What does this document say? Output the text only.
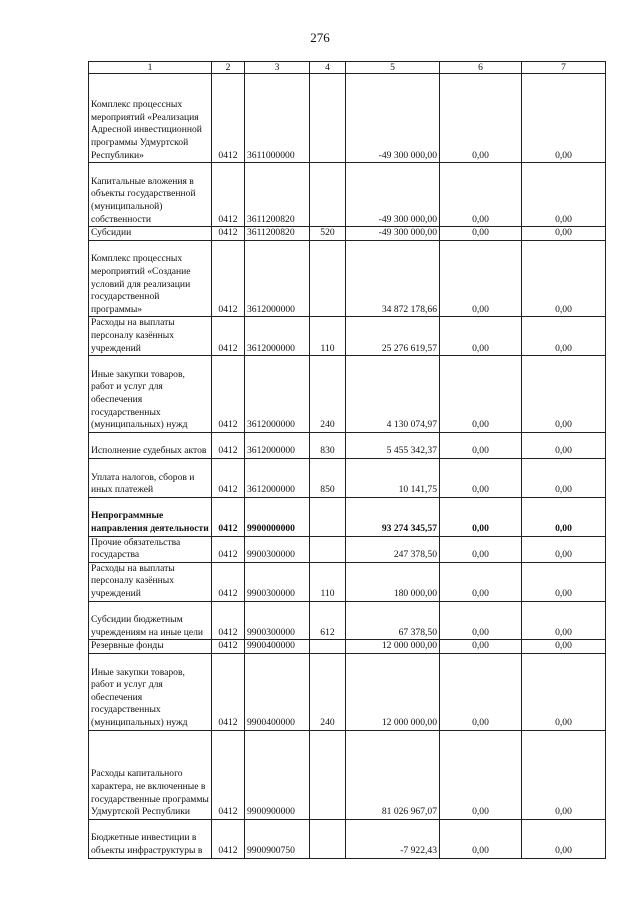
276
1	2	3	4	5	6	7
Комплекс процессных мероприятий «Реализация Адресной инвестиционной программы Удмуртской Республики»	0412	3611000000		-49 300 000,00	0,00	0,00
Капитальные вложения в объекты государственной (муниципальной) собственности	0412	3611200820		-49 300 000,00	0,00	0,00
Субсидии	0412	3611200820	520	-49 300 000,00	0,00	0,00
Комплекс процессных мероприятий «Создание условий для реализации государственной программы»	0412	3612000000		34 872 178,66	0,00	0,00
Расходы на выплаты персоналу казённых учреждений	0412	3612000000	110	25 276 619,57	0,00	0,00
Иные закупки товаров, работ и услуг для обеспечения государственных (муниципальных) нужд	0412	3612000000	240	4 130 074,97	0,00	0,00
Исполнение судебных актов	0412	3612000000	830	5 455 342,37	0,00	0,00
Уплата налогов, сборов и иных платежей	0412	3612000000	850	10 141,75	0,00	0,00
Непрограммные направления деятельности	0412	9900000000		93 274 345,57	0,00	0,00
Прочие обязательства государства	0412	9900300000		247 378,50	0,00	0,00
Расходы на выплаты персоналу казённых учреждений	0412	9900300000	110	180 000,00	0,00	0,00
Субсидии бюджетным учреждениям на иные цели	0412	9900300000	612	67 378,50	0,00	0,00
Резервные фонды	0412	9900400000		12 000 000,00	0,00	0,00
Иные закупки товаров, работ и услуг для обеспечения государственных (муниципальных) нужд	0412	9900400000	240	12 000 000,00	0,00	0,00
Расходы капитального характера, не включенные в государственные программы Удмуртской Республики	0412	9900900000		81 026 967,07	0,00	0,00
Бюджетные инвестиции в объекты инфраструктуры в	0412	9900900750		-7 922,43	0,00	0,00
